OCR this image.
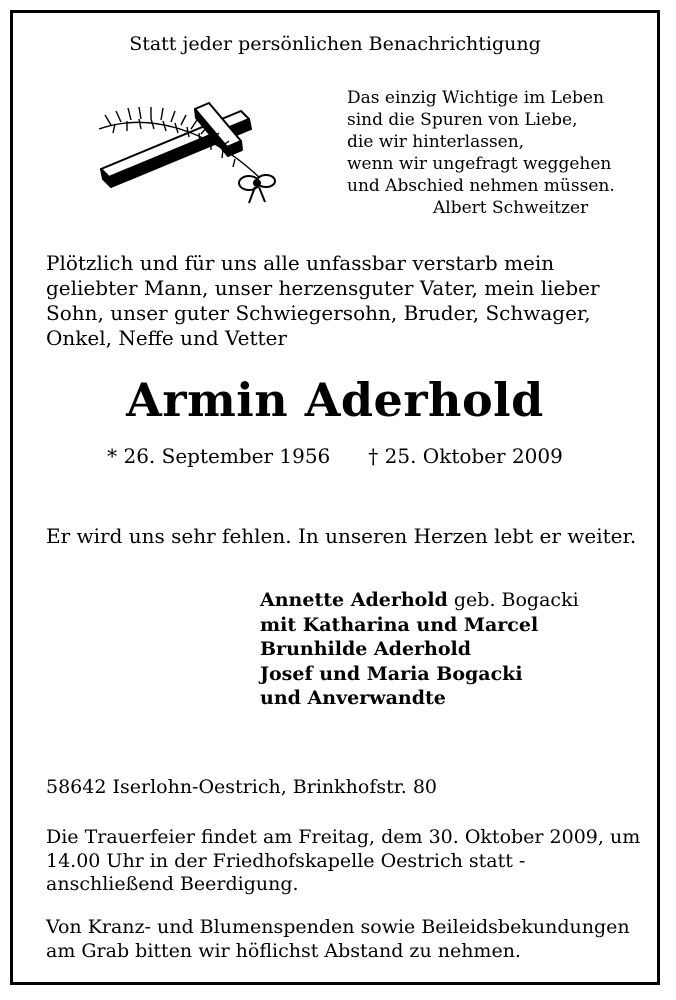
Statt jeder persönlichen Benachrichtigung

Das einzig Wichtige im Leben
sind die Spuren von Liebe,
die wir hinterlassen,
wenn wir ungefragt weggehen
und Abschied nehmen müssen.
Albert Schweitzer

Plötzlich und für uns alle unfassbar verstarb mein geliebter Mann, unser herzensguter Vater, mein lieber Sohn, unser guter Schwiegersohn, Bruder, Schwager, Onkel, Neffe und Vetter

Armin Aderhold

* 26. September 1956 † 25. Oktober 2009

Er wird uns sehr fehlen. In unseren Herzen lebt er weiter.

Annette Aderhold geb. Bogacki
mit Katharina und Marcel
Brunhilde Aderhold
Josef und Maria Bogacki
und Anverwandte

58642 Iserlohn-Oestrich, Brinkhofstr. 80

Die Trauerfeier findet am Freitag, dem 30. Oktober 2009, um 14.00 Uhr in der Friedhofskapelle Oestrich statt - anschließend Beerdigung.

Von Kranz- und Blumenspenden sowie Beileidsbekundungen am Grab bitten wir höflichst Abstand zu nehmen.
